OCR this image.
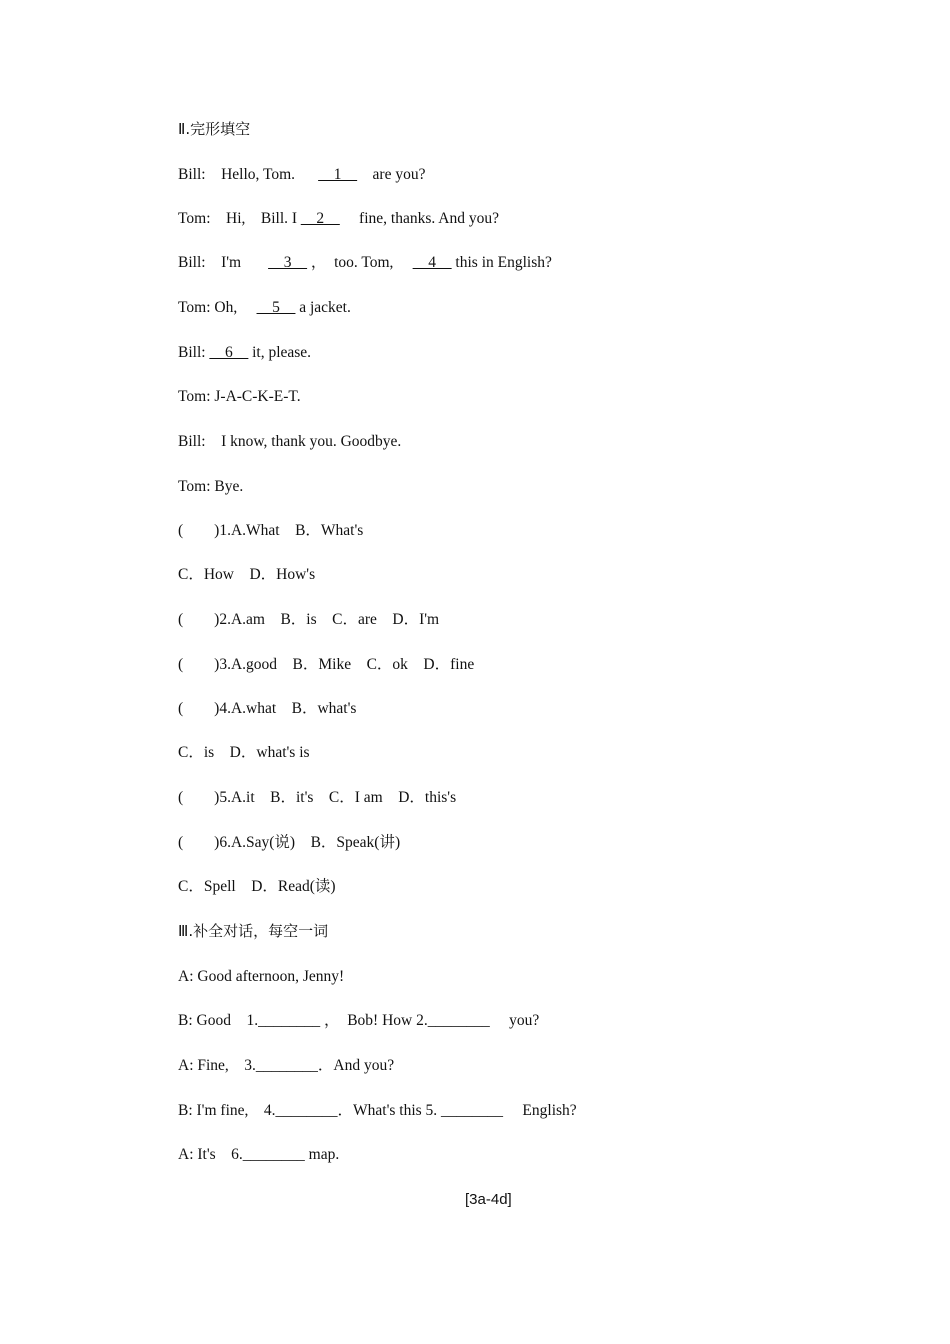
Ⅱ.完形填空
Bill:    Hello, Tom.      __1__    are you?
Tom:    Hi,    Bill. I __2__     fine, thanks. And you?
Bill:    I'm       __3__ ，  too. Tom,     __4__ this in English?
Tom: Oh,     __5__ a jacket.
Bill: __6__ it, please.
Tom: J-A-C-K-E-T.
Bill:    I know, thank you. Goodbye.
Tom: Bye.
(        )1.A.What    B．What's
C．How    D．How's
(        )2.A.am    B．is    C．are    D．I'm
(        )3.A.good    B．Mike    C．ok    D．fine
(        )4.A.what    B．what's
C．is    D．what's is
(        )5.A.it    B．it's    C．I am    D．this's
(        )6.A.Say(说)    B．Speak(讲)
C．Spell    D．Read(读)
Ⅲ.补全对话，每空一词
A: Good afternoon, Jenny!
B: Good    1.________ ，  Bob! How 2.________     you?
A: Fine,    3.________．And you?
B: I'm fine,    4.________．What's this 5. ________     English?
A: It's    6.________ map.
[3a-4d]
